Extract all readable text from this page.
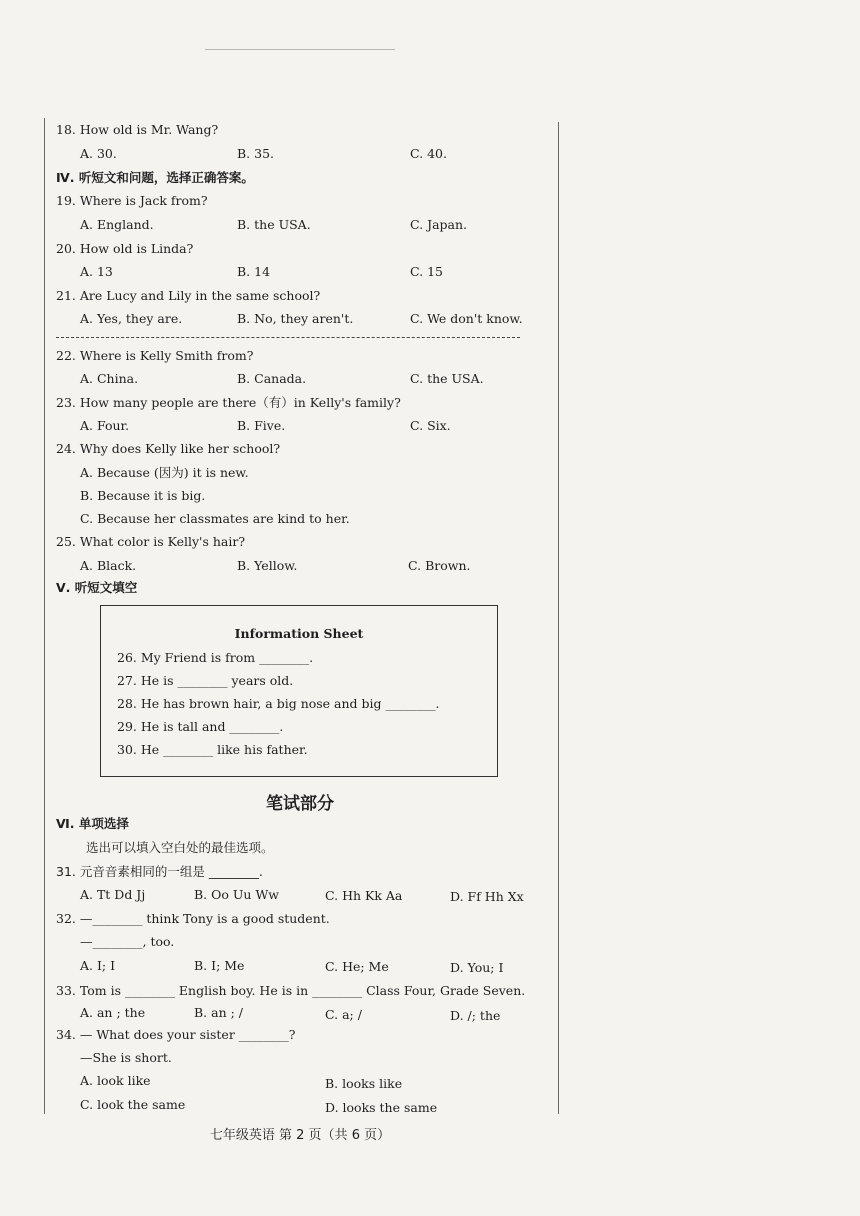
18. How old is Mr. Wang?
A. 30.	B. 35.	C. 40.
Ⅳ. 听短文和问题，选择正确答案。
19. Where is Jack from?
A. England.	B. the USA.	C. Japan.
20. How old is Linda?
A. 13	B. 14	C. 15
21. Are Lucy and Lily in the same school?
A. Yes, they are.	B. No, they aren't.	C. We don't know.
22. Where is Kelly Smith from?
A. China.	B. Canada.	C. the USA.
23. How many people are there（有）in Kelly's family?
A. Four.	B. Five.	C. Six.
24. Why does Kelly like her school?
A. Because (因为) it is new.
B. Because it is big.
C. Because her classmates are kind to her.
25. What color is Kelly's hair?
A. Black.	B. Yellow.	C. Brown.
Ⅴ. 听短文填空
Information Sheet
26. My Friend is from ________.
27. He is ________ years old.
28. He has brown hair, a big nose and big ________.
29. He is tall and ________.
30. He ________ like his father.
笔试部分
Ⅵ. 单项选择
选出可以填入空白处的最佳选项。
31. 元音音素相同的一组是 ________.
A. Tt Dd Jj	B. Oo Uu Ww	C. Hh Kk Aa	D. Ff Hh Xx
32. —________ think Tony is a good student.
—________, too.
A. I; I	B. I; Me	C. He; Me	D. You; I
33. Tom is ________ English boy. He is in ________ Class Four, Grade Seven.
A. an ; the	B. an ; /	C. a; /	D. /; the
34. — What does your sister ________?
—She is short.
A. look like	B. looks like
C. look the same	D. looks the same
七年级英语 第 2 页（共 6 页）
